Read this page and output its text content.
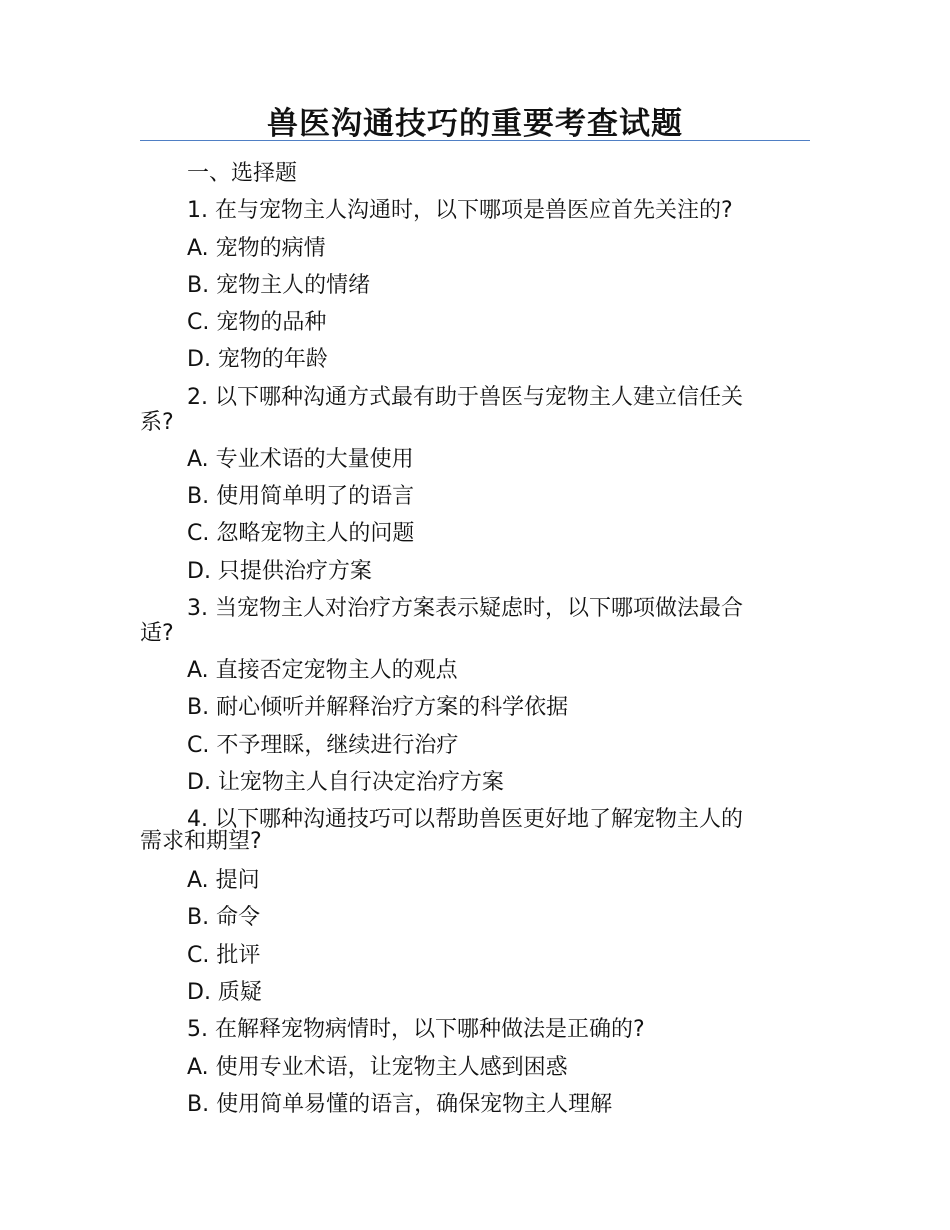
兽医沟通技巧的重要考查试题
一、选择题
1. 在与宠物主人沟通时，以下哪项是兽医应首先关注的?
A. 宠物的病情
B. 宠物主人的情绪
C. 宠物的品种
D. 宠物的年龄
2. 以下哪种沟通方式最有助于兽医与宠物主人建立信任关
系?
A. 专业术语的大量使用
B. 使用简单明了的语言
C. 忽略宠物主人的问题
D. 只提供治疗方案
3. 当宠物主人对治疗方案表示疑虑时，以下哪项做法最合
适?
A. 直接否定宠物主人的观点
B. 耐心倾听并解释治疗方案的科学依据
C. 不予理睬，继续进行治疗
D. 让宠物主人自行决定治疗方案
4. 以下哪种沟通技巧可以帮助兽医更好地了解宠物主人的
需求和期望?
A. 提问
B. 命令
C. 批评
D. 质疑
5. 在解释宠物病情时，以下哪种做法是正确的?
A. 使用专业术语，让宠物主人感到困惑
B. 使用简单易懂的语言，确保宠物主人理解
